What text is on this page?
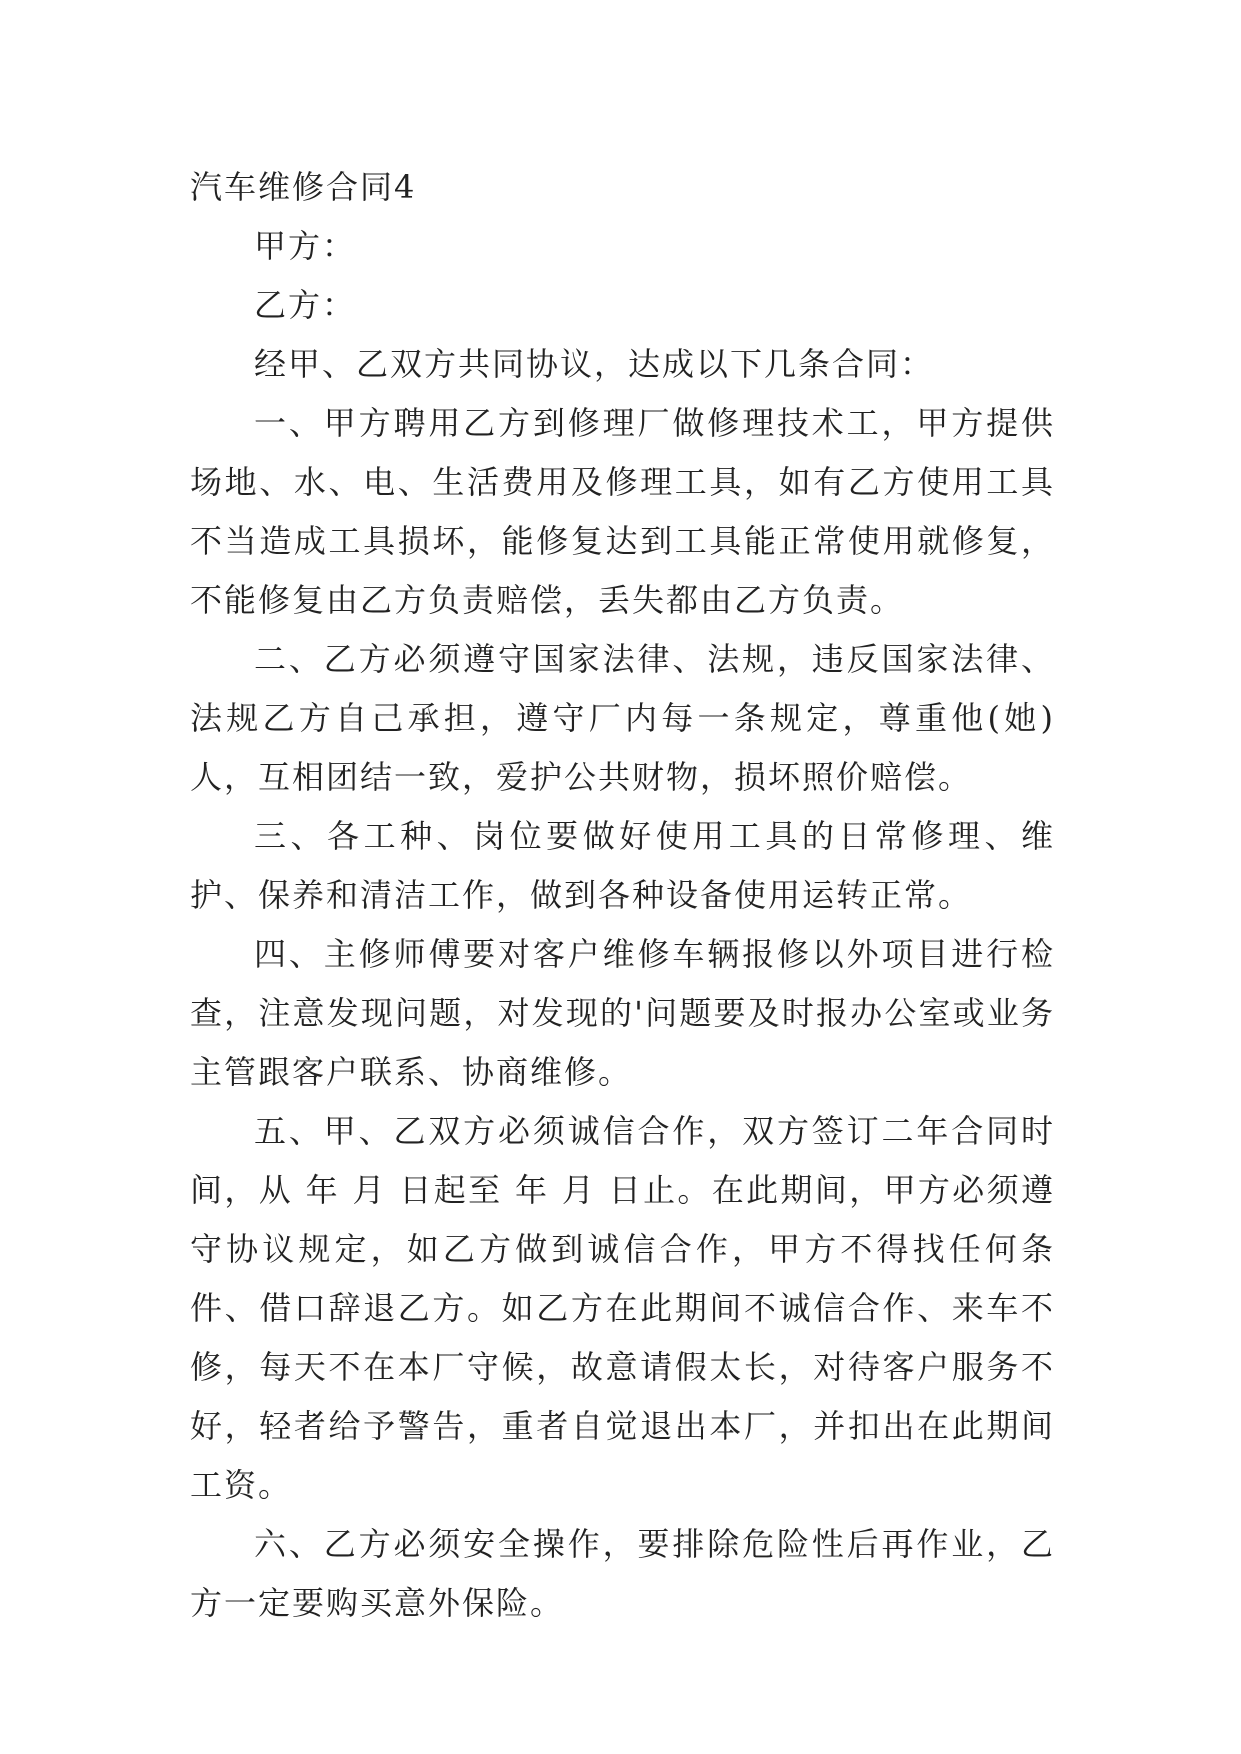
汽车维修合同4

甲方：

乙方：

经甲、乙双方共同协议，达成以下几条合同：

一、甲方聘用乙方到修理厂做修理技术工，甲方提供场地、水、电、生活费用及修理工具，如有乙方使用工具不当造成工具损坏，能修复达到工具能正常使用就修复，不能修复由乙方负责赔偿，丢失都由乙方负责。

二、乙方必须遵守国家法律、法规，违反国家法律、法规乙方自己承担，遵守厂内每一条规定，尊重他(她)人，互相团结一致，爱护公共财物，损坏照价赔偿。

三、各工种、岗位要做好使用工具的日常修理、维护、保养和清洁工作，做到各种设备使用运转正常。

四、主修师傅要对客户维修车辆报修以外项目进行检查，注意发现问题，对发现的'问题要及时报办公室或业务主管跟客户联系、协商维修。

五、甲、乙双方必须诚信合作，双方签订二年合同时间，从 年 月 日起至 年 月 日止。在此期间，甲方必须遵守协议规定，如乙方做到诚信合作，甲方不得找任何条件、借口辞退乙方。如乙方在此期间不诚信合作、来车不修，每天不在本厂守候，故意请假太长，对待客户服务不好，轻者给予警告，重者自觉退出本厂，并扣出在此期间工资。

六、乙方必须安全操作，要排除危险性后再作业，乙方一定要购买意外保险。
